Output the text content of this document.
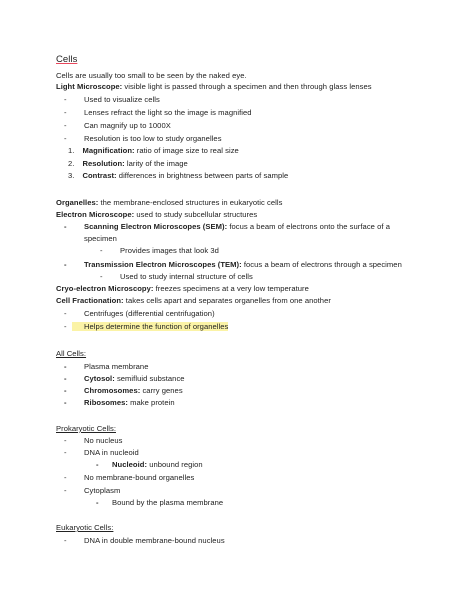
Cells
Cells are usually too small to be seen by the naked eye.
Light Microscope: visible light is passed through a specimen and then through glass lenses
-	Used to visualize cells
-	Lenses refract the light so the image is magnified
-	Can magnify up to 1000X
-	Resolution is too low to study organelles
1. Magnification: ratio of image size to real size
2. Resolution: larity of the image
3. Contrast: differences in brightness between parts of sample
Organelles: the membrane-enclosed structures in eukaryotic cells
Electron Microscope: used to study subcellular structures
-	Scanning Electron Microscopes (SEM): focus a beam of electrons onto the surface of a
specimen
-	Provides images that look 3d
-	Transmission Electron Microscopes (TEM): focus a beam of electrons through a specimen
-	Used to study internal structure of cells
Cryo-electron Microscopy: freezes specimens at a very low temperature
Cell Fractionation: takes cells apart and separates organelles from one another
-	Centrifuges (differential centrifugation)
-	Helps determine the function of organelles
All Cells:
-	Plasma membrane
-	Cytosol: semifluid substance
-	Chromosomes: carry genes
-	Ribosomes: make protein
Prokaryotic Cells:
-	No nucleus
-	DNA in nucleoid
-	Nucleoid: unbound region
-	No membrane-bound organelles
-	Cytoplasm
-	Bound by the plasma membrane
Eukaryotic Cells:
-	DNA in double membrane-bound nucleus
